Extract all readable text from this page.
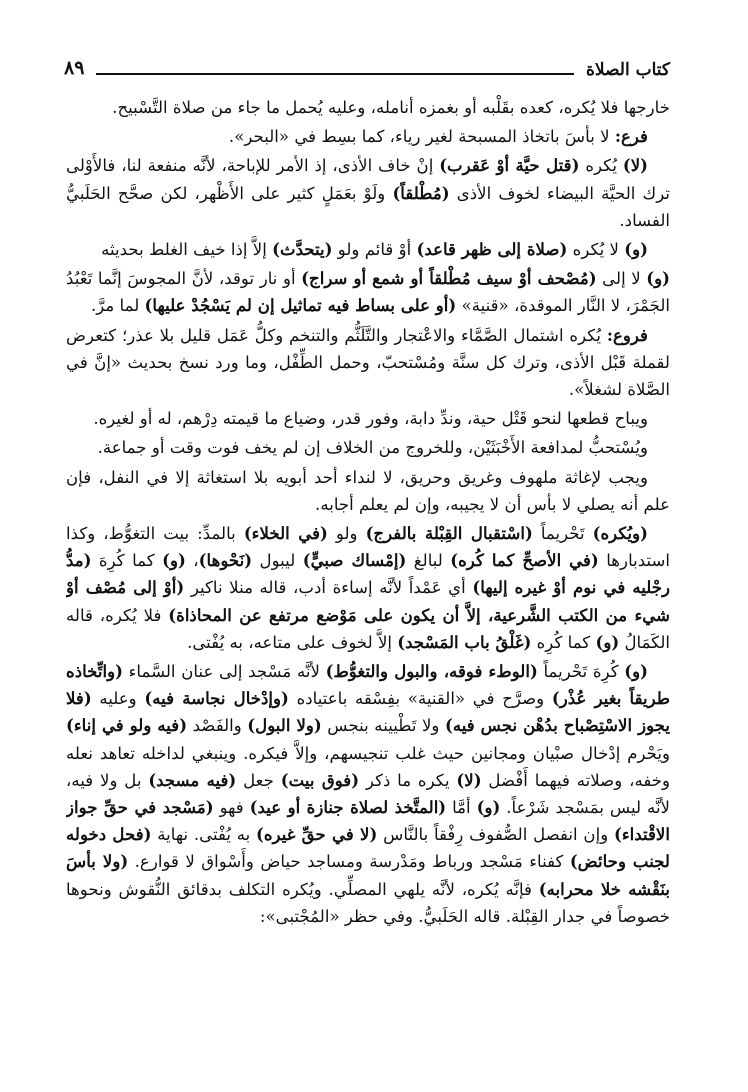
٨٩	كتاب الصلاة

خارجها فلا يُكره، كعده بقَلْبه أو بغمزه أنامله، وعليه يُحمل ما جاء من صلاة التَّسْبيح.

فرع: لا بأسَ باتخاذ المسبحة لغير رياء، كما بسِط في «البحر».

(لا) يُكره (قتل حيَّة أوْ عَقرب) إنْ خاف الأذى، إذ الأمر للإباحة، لأنَّه منفعة لنا، فالأَوْلى ترك الحيَّة البيضاء لخوف الأذى (مُطْلقاً) ولَوْ بعَمَلٍ كثير على الأَظْهر، لكن صحَّح الحَلَبيُّ الفساد.

(و) لا يُكره (صلاة إلى ظهر قاعد) أوْ قائم ولو (يتحدَّث) إلاَّ إذا خيف الغلط بحديثه

(و) لا إلى (مُصْحف أوْ سيف مُطْلقاً أو شمع أو سراج) أو نار توقد، لأنَّ المجوسَ إنَّما تَعْبُدُ الجَمْرَ، لا النَّار الموقدة، «قنية» (أو على بساط فيه تماثيل إن لم يَسْجُدْ عليها) لما مرَّ.

فروع: يُكره اشتمال الصَّمَّاء والاعْتجار والتَّلَثُّم والتنخم وكلُّ عَمَل قليل بلا عذر؛ كتعرض لقملة قَبْل الأذى، وترك كل سنَّة ومُسْتحبّ، وحمل الطِّفْل، وما ورد نسخ بحديث «إنَّ في الصَّلاة لشغلاً».

ويباح قطعها لنحو قَتْل حية، وندِّ دابة، وفور قدر، وضياع ما قيمته دِرْهم، له أو لغيره.

ويُسْتحبُّ لمدافعة الأَخْبَثَيْن، وللخروج من الخلاف إن لم يخف فوت وقت أو جماعة.

ويجب لإغاثة ملهوف وغريق وحريق، لا لنداء أحد أبويه بلا استغاثة إلا في النفل، فإن علم أنه يصلي لا بأس أن لا يجيبه، وإن لم يعلم أجابه.

(ويُكره) تَحْريماً (اسْتقبال القِبْلة بالفرج) ولو (في الخلاء) بالمدِّ: بيت التغوُّط، وكذا استدبارها (في الأصحِّ كما كُره) لبالغ (إمْساك صبيٍّ) ليبول (نَحْوها)، (و) كما كُرِهَ (مدُّ رجْليه في نوم أوْ غيره إليها) أي عَمْداً لأنَّه إساءة أدب، قاله منلا ناكير (أوْ إلى مُصْف أوْ شيء من الكتب الشَّرعية، إلاَّ أن يكون على مَوْضع مرتفع عن المحاذاة) فلا يُكره، قاله الكَمَالُ (و) كما كُرِه (غَلْقُ باب المَسْجد) إلاَّ لخوف على متاعه، به يُفْتى.

(و) كُرِهَ تَحْريماً (الوطء فوقه، والبول والتغوُّط) لأنَّه مَسْجد إلى عنان السَّماء (واتِّخاذه طريقاً بغير عُذْر) وصرَّح في «القنية» بفِسْقه باعتياده (وإدْخال نجاسة فيه) وعليه (فلا يجوز الاسْتِصْباح بدُهْن نجس فيه) ولا تَطْيينه بنجس (ولا البول) والفَصْد (فيه ولو في إناء) ويَحْرم إدْخال صبْيان ومجانين حيث غلب تنجيسهم، وإلاَّ فيكره. وينبغي لداخله تعاهد نعله وخفه، وصلاته فيهما أَفْضل (لا) يكره ما ذكر (فوق بيت) جعل (فيه مسجد) بل ولا فيه، لأنَّه ليس بمَسْجد شَرْعاً. (و) أمَّا (المتَّخذ لصلاة جنازة أو عيد) فهو (مَسْجد في حقِّ جواز الاقْتداء) وإن انفصل الصُّفوف رِفْقاً بالنَّاس (لا في حقِّ غيره) به يُفْتى. نهاية (فحل دخوله لجنب وحائض) كفناء مَسْجد ورباط ومَدْرسة ومساجد حياض وأَسْواق لا قوارع. (ولا بأسَ بنَقْشه خلا محرابه) فإنَّه يُكره، لأنَّه يلهي المصلِّي. ويُكره التكلف بدقائق النُّقوش ونحوها خصوصاً في جدار القِبْلة. قاله الحَلَبيُّ. وفي حظر «المُجْتبى»:
